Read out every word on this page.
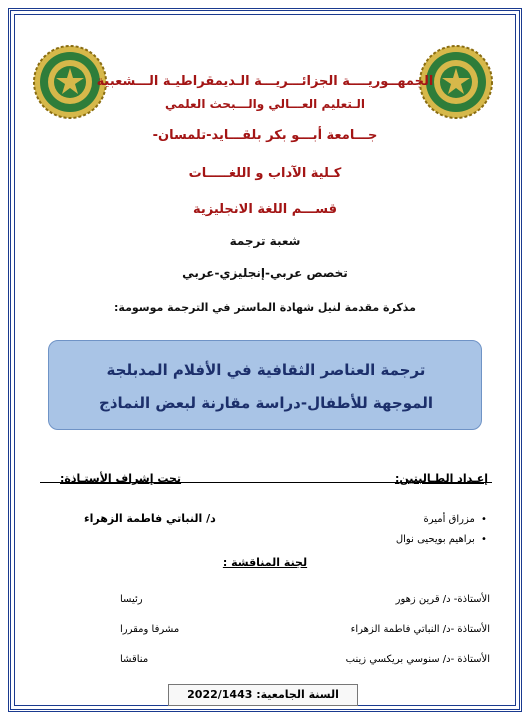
الجمهــوريــــة الجزائـــريـــة الـديمقراطيـة الـــشعبية
الـتعليم العـــالي والـــبحث العلمي
جـــامعة أبـــو بكر بلقـــايد-تلمسان-
كـلية الآداب و اللغـــــات
قســـم اللغة الانجليزية
شعبة ترجمة
تخصص عربي-إنجليزي-عربي
مذكرة مقدمة لنيل شهادة الماستر في الترجمة موسومة:
ترجمة العناصر الثقافية في الأفلام المدبلجة
الموجهة للأطفال-دراسة مقارنة لبعض النماذج
إعـداد الطـالبتين:
تحت إشراف الأستـاذة:
• مزراق أميرة
• براهيم بويحيى نوال
د/ النباتي فاطمة الزهراء
لجنة المناقشة :
الأستاذة- د/ قرين زهور
رئيسا
الأستاذة -د/ النباتي فاطمة الزهراء
مشرفا ومقررا
الأستاذة -د/ سنوسي بريكسي زينب
مناقشا
السنة الجامعية: 2022/1443
